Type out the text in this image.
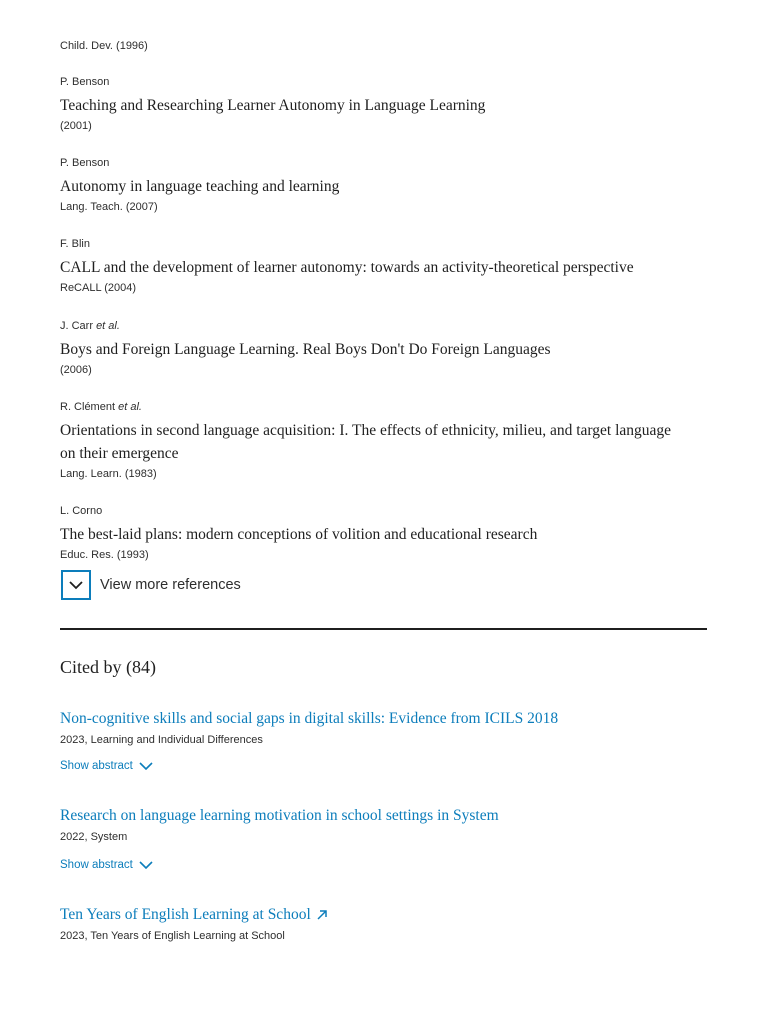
Child. Dev. (1996)
P. Benson
Teaching and Researching Learner Autonomy in Language Learning
(2001)
P. Benson
Autonomy in language teaching and learning
Lang. Teach. (2007)
F. Blin
CALL and the development of learner autonomy: towards an activity-theoretical perspective
ReCALL (2004)
J. Carr et al.
Boys and Foreign Language Learning. Real Boys Don't Do Foreign Languages
(2006)
R. Clément et al.
Orientations in second language acquisition: I. The effects of ethnicity, milieu, and target language on their emergence
Lang. Learn. (1983)
L. Corno
The best-laid plans: modern conceptions of volition and educational research
Educ. Res. (1993)
View more references
Cited by (84)
Non-cognitive skills and social gaps in digital skills: Evidence from ICILS 2018
2023, Learning and Individual Differences
Show abstract
Research on language learning motivation in school settings in System
2022, System
Show abstract
Ten Years of English Learning at School
2023, Ten Years of English Learning at School
